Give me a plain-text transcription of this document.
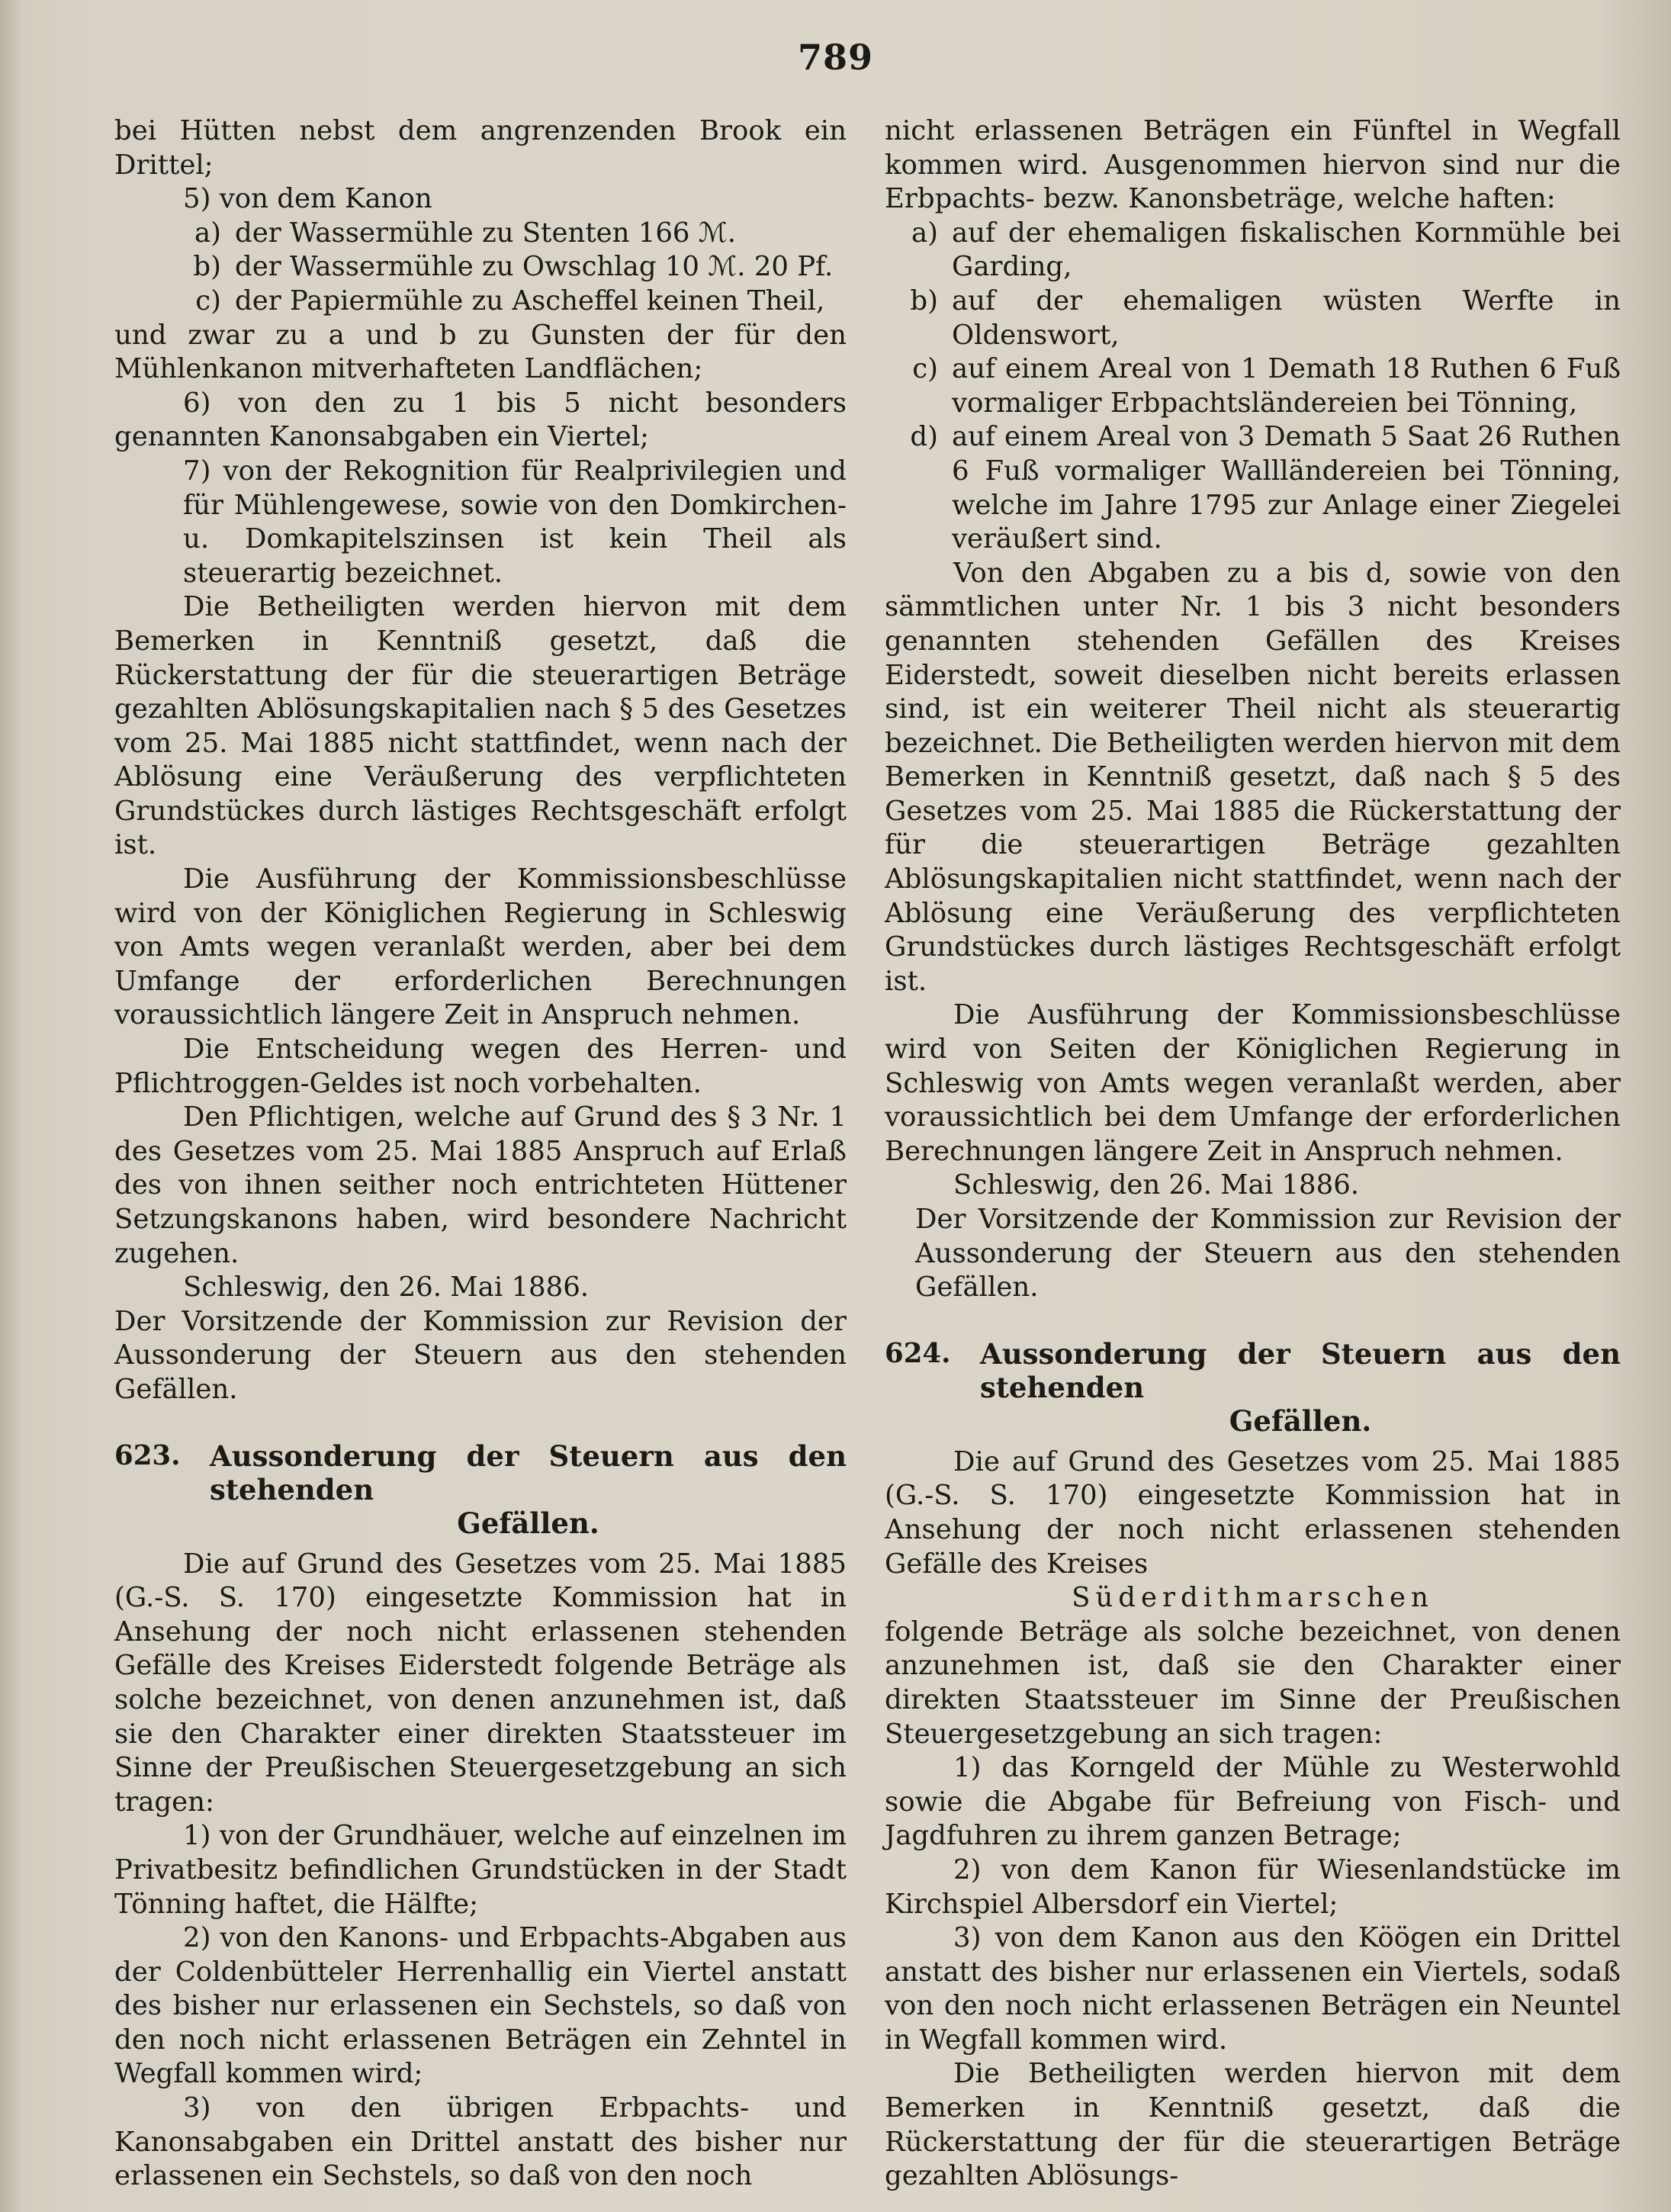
789

bei Hütten nebst dem angrenzenden Brook ein Drittel;

5) von dem Kanon

a) der Wassermühle zu Stenten 166 ℳ.
b) der Wassermühle zu Owschlag 10 ℳ. 20 Pf.
c) der Papiermühle zu Ascheffel keinen Theil,

und zwar zu a und b zu Gunsten der für den Mühlenkanon mitverhafteten Landflächen;

6) von den zu 1 bis 5 nicht besonders genannten Kanonsabgaben ein Viertel;

7) von der Rekognition für Realprivilegien und für Mühlengewese, sowie von den Domkirchen- u. Domkapitelszinsen ist kein Theil als steuerartig bezeichnet.

Die Betheiligten werden hiervon mit dem Bemerken in Kenntniß gesetzt, daß die Rückerstattung der für die steuerartigen Beträge gezahlten Ablösungskapitalien nach § 5 des Gesetzes vom 25. Mai 1885 nicht stattfindet, wenn nach der Ablösung eine Veräußerung des verpflichteten Grundstückes durch lästiges Rechtsgeschäft erfolgt ist.

Die Ausführung der Kommissionsbeschlüsse wird von der Königlichen Regierung in Schleswig von Amts wegen veranlaßt werden, aber bei dem Umfange der erforderlichen Berechnungen voraussichtlich längere Zeit in Anspruch nehmen.

Die Entscheidung wegen des Herren- und Pflichtroggen-Geldes ist noch vorbehalten.

Den Pflichtigen, welche auf Grund des § 3 Nr. 1 des Gesetzes vom 25. Mai 1885 Anspruch auf Erlaß des von ihnen seither noch entrichteten Hüttener Setzungskanons haben, wird besondere Nachricht zugehen.

Schleswig, den 26. Mai 1886.

Der Vorsitzende der Kommission zur Revision der Aussonderung der Steuern aus den stehenden Gefällen.

623.	Aussonderung der Steuern aus den stehenden
Gefällen.

Die auf Grund des Gesetzes vom 25. Mai 1885 (G.-S. S. 170) eingesetzte Kommission hat in Ansehung der noch nicht erlassenen stehenden Gefälle des Kreises Eiderstedt folgende Beträge als solche bezeichnet, von denen anzunehmen ist, daß sie den Charakter einer direkten Staatssteuer im Sinne der Preußischen Steuergesetzgebung an sich tragen:

1) von der Grundhäuer, welche auf einzelnen im Privatbesitz befindlichen Grundstücken in der Stadt Tönning haftet, die Hälfte;

2) von den Kanons- und Erbpachts-Abgaben aus der Coldenbütteler Herrenhallig ein Viertel anstatt des bisher nur erlassenen ein Sechstels, so daß von den noch nicht erlassenen Beträgen ein Zehntel in Wegfall kommen wird;

3) von den übrigen Erbpachts- und Kanonsabgaben ein Drittel anstatt des bisher nur erlassenen ein Sechstels, so daß von den noch

nicht erlassenen Beträgen ein Fünftel in Wegfall kommen wird. Ausgenommen hiervon sind nur die Erbpachts- bezw. Kanonsbeträge, welche haften:

a) auf der ehemaligen fiskalischen Kornmühle bei Garding,
b) auf der ehemaligen wüsten Werfte in Oldenswort,
c) auf einem Areal von 1 Demath 18 Ruthen 6 Fuß vormaliger Erbpachtsländereien bei Tönning,
d) auf einem Areal von 3 Demath 5 Saat 26 Ruthen 6 Fuß vormaliger Wallländereien bei Tönning, welche im Jahre 1795 zur Anlage einer Ziegelei veräußert sind.

Von den Abgaben zu a bis d, sowie von den sämmtlichen unter Nr. 1 bis 3 nicht besonders genannten stehenden Gefällen des Kreises Eiderstedt, soweit dieselben nicht bereits erlassen sind, ist ein weiterer Theil nicht als steuerartig bezeichnet. Die Betheiligten werden hiervon mit dem Bemerken in Kenntniß gesetzt, daß nach § 5 des Gesetzes vom 25. Mai 1885 die Rückerstattung der für die steuerartigen Beträge gezahlten Ablösungskapitalien nicht stattfindet, wenn nach der Ablösung eine Veräußerung des verpflichteten Grundstückes durch lästiges Rechtsgeschäft erfolgt ist.

Die Ausführung der Kommissionsbeschlüsse wird von Seiten der Königlichen Regierung in Schleswig von Amts wegen veranlaßt werden, aber voraussichtlich bei dem Umfange der erforderlichen Berechnungen längere Zeit in Anspruch nehmen.

Schleswig, den 26. Mai 1886.

Der Vorsitzende der Kommission zur Revision der Aussonderung der Steuern aus den stehenden Gefällen.

624.	Aussonderung der Steuern aus den stehenden
Gefällen.

Die auf Grund des Gesetzes vom 25. Mai 1885 (G.-S. S. 170) eingesetzte Kommission hat in Ansehung der noch nicht erlassenen stehenden Gefälle des Kreises

Süderdithmarschen

folgende Beträge als solche bezeichnet, von denen anzunehmen ist, daß sie den Charakter einer direkten Staatssteuer im Sinne der Preußischen Steuergesetzgebung an sich tragen:

1) das Korngeld der Mühle zu Westerwohld sowie die Abgabe für Befreiung von Fisch- und Jagdfuhren zu ihrem ganzen Betrage;

2) von dem Kanon für Wiesenlandstücke im Kirchspiel Albersdorf ein Viertel;

3) von dem Kanon aus den Köögen ein Drittel anstatt des bisher nur erlassenen ein Viertels, sodaß von den noch nicht erlassenen Beträgen ein Neuntel in Wegfall kommen wird.

Die Betheiligten werden hiervon mit dem Bemerken in Kenntniß gesetzt, daß die Rückerstattung der für die steuerartigen Beträge gezahlten Ablösungs-
